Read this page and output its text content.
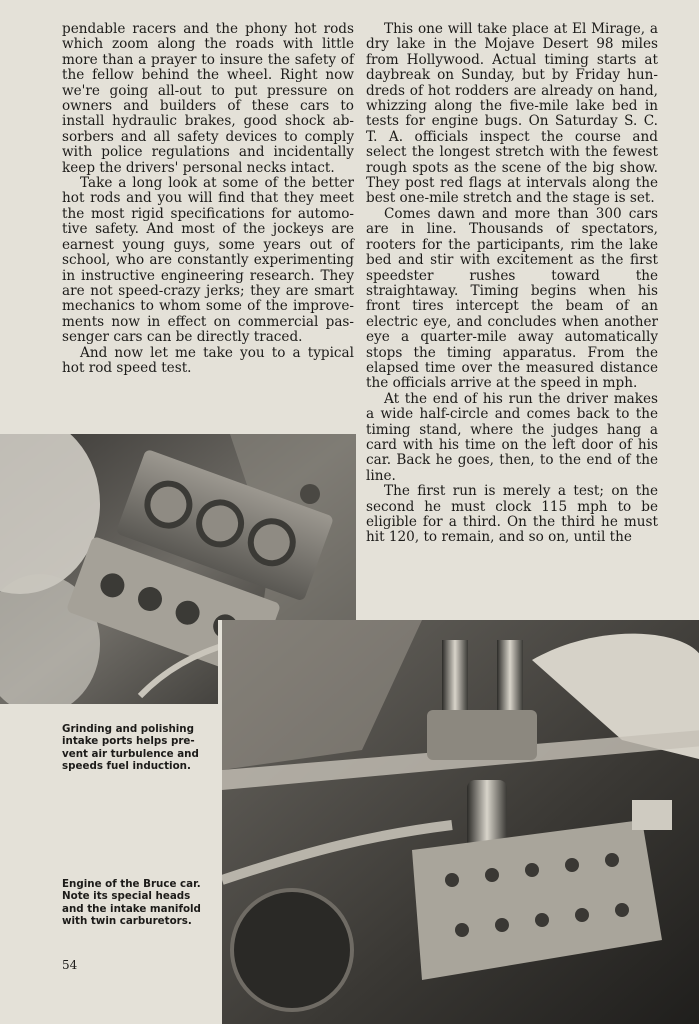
pendable racers and the phony hot rods which zoom along the roads with little more than a prayer to insure the safety of the fellow behind the wheel. Right now we're going all-out to put pressure on owners and builders of these cars to install hydraulic brakes, good shock absorbers and all safety devices to comply with police regulations and incidentally keep the drivers' personal necks intact.

Take a long look at some of the better hot rods and you will find that they meet the most rigid specifications for automotive safety. And most of the jockeys are earnest young guys, some years out of school, who are constantly experimenting in instructive engineering research. They are not speed-crazy jerks; they are smart mechanics to whom some of the improvements now in effect on commercial passenger cars can be directly traced.

And now let me take you to a typical hot rod speed test.

This one will take place at El Mirage, a dry lake in the Mojave Desert 98 miles from Hollywood. Actual timing starts at daybreak on Sunday, but by Friday hundreds of hot rodders are already on hand, whizzing along the five-mile lake bed in tests for engine bugs. On Saturday S. C. T. A. officials inspect the course and select the longest stretch with the fewest rough spots as the scene of the big show. They post red flags at intervals along the best one-mile stretch and the stage is set.

Comes dawn and more than 300 cars are in line. Thousands of spectators, rooters for the participants, rim the lake bed and stir with excitement as the first speedster rushes toward the straightaway. Timing begins when his front tires intercept the beam of an electric eye, and concludes when another eye a quarter-mile away automatically stops the timing apparatus. From the elapsed time over the measured distance the officials arrive at the speed in mph.

At the end of his run the driver makes a wide half-circle and comes back to the timing stand, where the judges hang a card with his time on the left door of his car. Back he goes, then, to the end of the line.

The first run is merely a test; on the second he must clock 115 mph to be eligible for a third. On the third he must hit 120, to remain, and so on, until the

Grinding and polishing intake ports helps prevent air turbulence and speeds fuel induction.
Engine of the Bruce car. Note its special heads and the intake manifold with twin carburetors.
54
